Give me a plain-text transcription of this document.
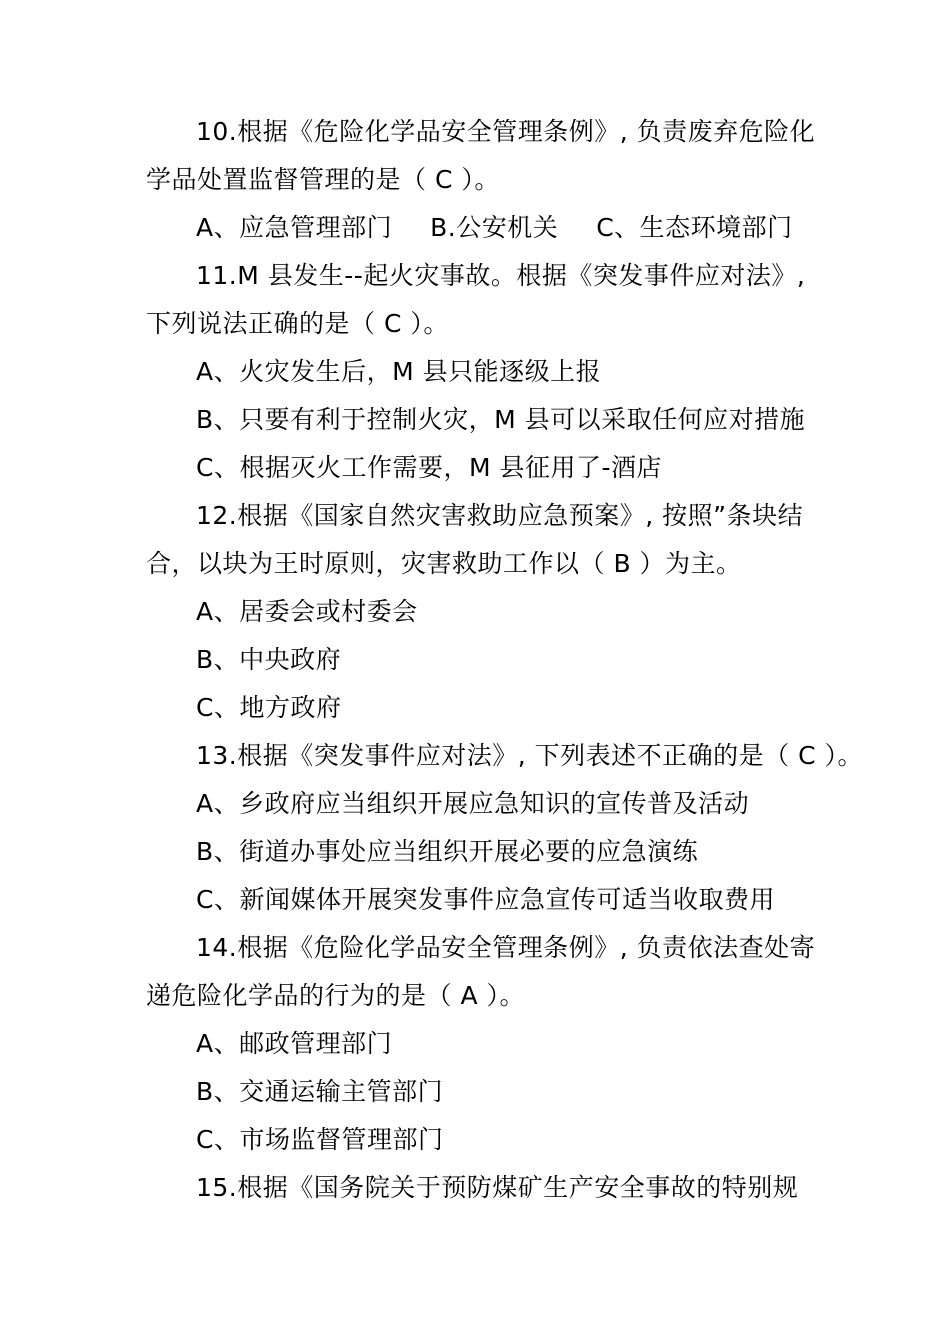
10.根据《危险化学品安全管理条例》, 负责废弃危险化
学品处置监督管理的是（ C ）。
A、应急管理部门 B.公安机关 C、生态环境部门
11.M 县发生--起火灾事故。根据《突发事件应对法》,
下列说法正确的是（ C ）。
A、火灾发生后，M 县只能逐级上报
B、只要有利于控制火灾，M 县可以采取任何应对措施
C、根据灭火工作需要，M 县征用了-酒店
12.根据《国家自然灾害救助应急预案》, 按照”条块结
合，以块为王时原则，灾害救助工作以（ B ）为主。
A、居委会或村委会
B、中央政府
C、地方政府
13.根据《突发事件应对法》, 下列表述不正确的是（ C ）。
A、乡政府应当组织开展应急知识的宣传普及活动
B、街道办事处应当组织开展必要的应急演练
C、新闻媒体开展突发事件应急宣传可适当收取费用
14.根据《危险化学品安全管理条例》, 负责依法查处寄
递危险化学品的行为的是（ A ）。
A、邮政管理部门
B、交通运输主管部门
C、市场监督管理部门
15.根据《国务院关于预防煤矿生产安全事故的特别规
